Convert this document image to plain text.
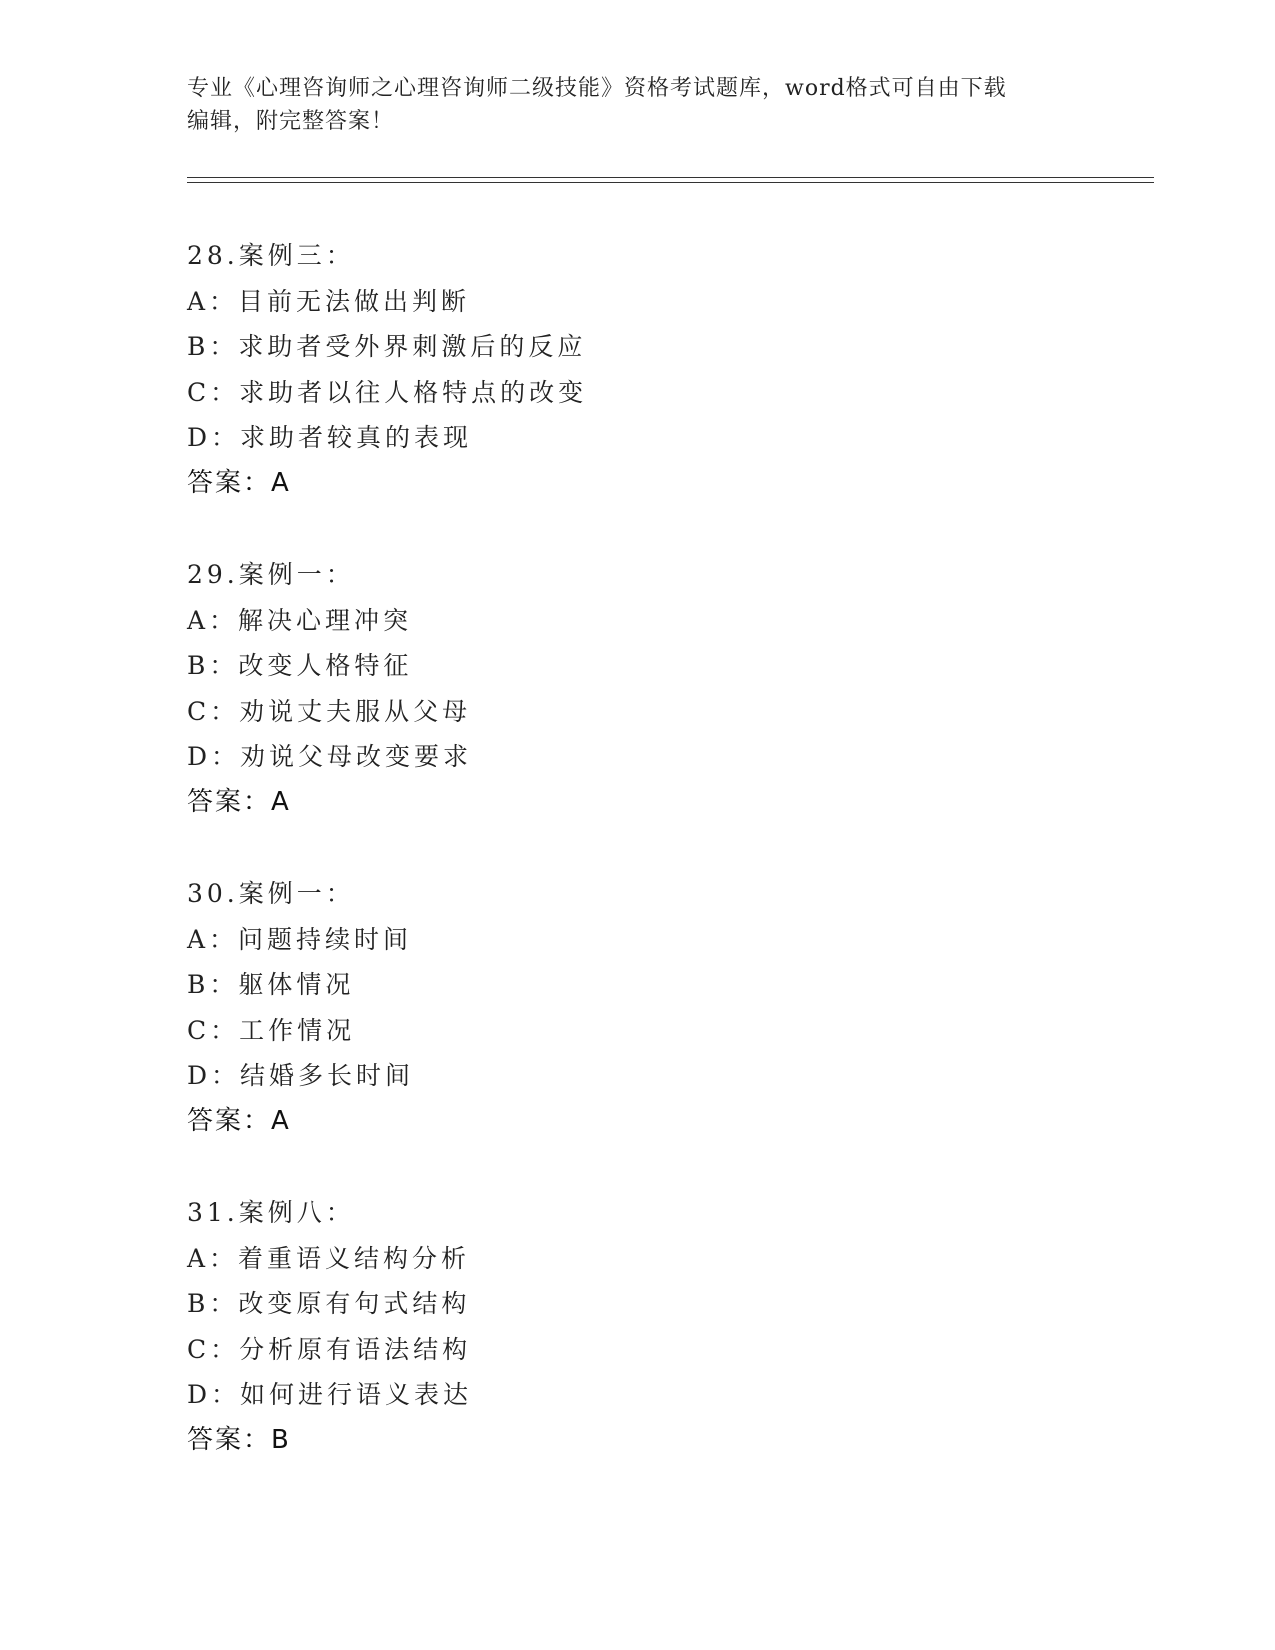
专业《心理咨询师之心理咨询师二级技能》资格考试题库，word格式可自由下载
编辑，附完整答案！
28.案例三：
A：目前无法做出判断
B：求助者受外界刺激后的反应
C：求助者以往人格特点的改变
D：求助者较真的表现
答案：A
29.案例一：
A：解决心理冲突
B：改变人格特征
C：劝说丈夫服从父母
D：劝说父母改变要求
答案：A
30.案例一：
A：问题持续时间
B：躯体情况
C：工作情况
D：结婚多长时间
答案：A
31.案例八：
A：着重语义结构分析
B：改变原有句式结构
C：分析原有语法结构
D：如何进行语义表达
答案：B
